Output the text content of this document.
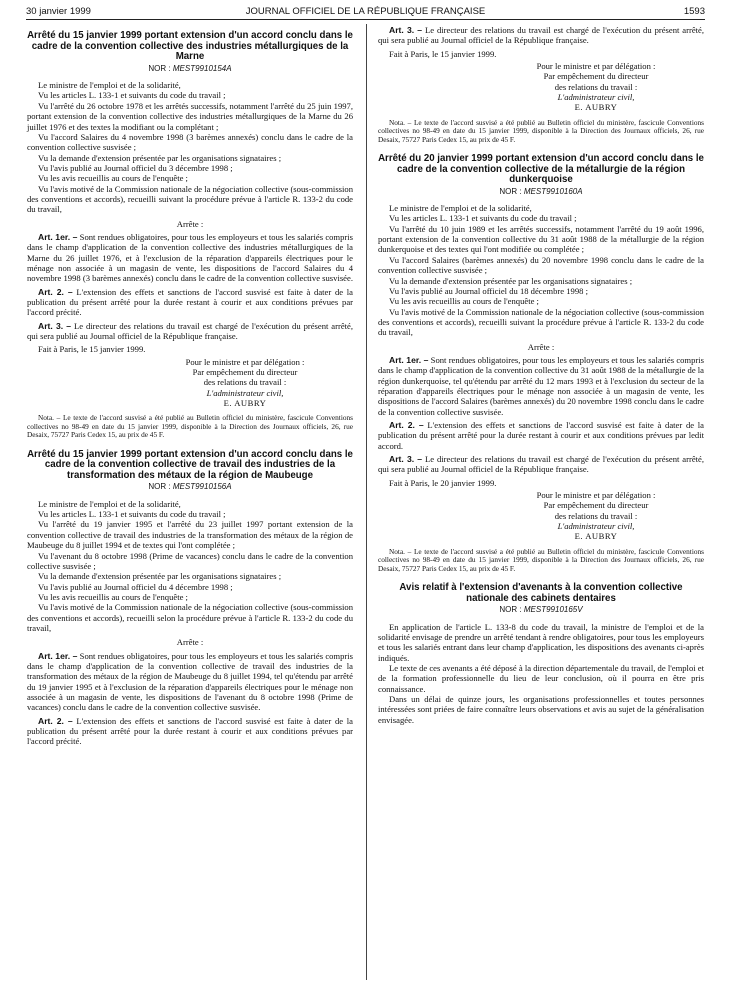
30 janvier 1999	JOURNAL OFFICIEL DE LA RÉPUBLIQUE FRANÇAISE	1593
Arrêté du 15 janvier 1999 portant extension d'un accord conclu dans le cadre de la convention collective des industries métallurgiques de la Marne
NOR : MESТ9910154A

Le ministre de l'emploi et de la solidarité,

Vu les articles L. 133-1 et suivants du code du travail ;

Vu l'arrêté du 26 octobre 1978 et les arrêtés successifs, notamment l'arrêté du 25 juin 1997, portant extension de la convention collective des industries métallurgiques de la Marne du 26 juillet 1976 et des textes la modifiant ou la complétant ;

Vu l'accord Salaires du 4 novembre 1998 (3 barèmes annexés) conclu dans le cadre de la convention collective susvisée ;

Vu la demande d'extension présentée par les organisations signataires ;

Vu l'avis publié au Journal officiel du 3 décembre 1998 ;

Vu les avis recueillis au cours de l'enquête ;

Vu l'avis motivé de la Commission nationale de la négociation collective (sous-commission des conventions et accords), recueilli suivant la procédure prévue à l'article R. 133-2 du code du travail,

Arrête :

Art. 1er. – Sont rendues obligatoires, pour tous les employeurs et tous les salariés compris dans le champ d'application de la convention collective des industries métallurgiques de la Marne du 26 juillet 1976, et à l'exclusion de la réparation d'appareils électriques pour le ménage non associée à un magasin de vente, les dispositions de l'accord Salaires du 4 novembre 1998 (3 barèmes annexés) conclu dans le cadre de la convention collective susvisée.

Art. 2. – L'extension des effets et sanctions de l'accord susvisé est faite à dater de la publication du présent arrêté pour la durée restant à courir et aux conditions prévues par l'accord précité.

Art. 3. – Le directeur des relations du travail est chargé de l'exécution du présent arrêté, qui sera publié au Journal officiel de la République française.

Fait à Paris, le 15 janvier 1999.

Pour le ministre et par délégation :
Par empêchement du directeur
des relations du travail :
L'administrateur civil,
E. AUBRY
Nota. – Le texte de l'accord susvisé a été publié au Bulletin officiel du ministère, fascicule Conventions collectives no 98-49 en date du 15 janvier 1999, disponible à la Direction des Journaux officiels, 26, rue Desaix, 75727 Paris Cedex 15, au prix de 45 F.
Arrêté du 15 janvier 1999 portant extension d'un accord conclu dans le cadre de la convention collective de travail des industries de la transformation des métaux de la région de Maubeuge
NOR : MEST9910156A

Le ministre de l'emploi et de la solidarité,

Vu les articles L. 133-1 et suivants du code du travail ;

Vu l'arrêté du 19 janvier 1995 et l'arrêté du 23 juillet 1997 portant extension de la convention collective de travail des industries de la transformation des métaux de la région de Maubeuge du 8 juillet 1994 et de textes qui l'ont complétée ;

Vu l'avenant du 8 octobre 1998 (Prime de vacances) conclu dans le cadre de la convention collective susvisée ;

Vu la demande d'extension présentée par les organisations signataires ;

Vu l'avis publié au Journal officiel du 4 décembre 1998 ;

Vu les avis recueillis au cours de l'enquête ;

Vu l'avis motivé de la Commission nationale de la négociation collective (sous-commission des conventions et accords), recueilli selon la procédure prévue à l'article R. 133-2 du code du travail,

Arrête :

Art. 1er. – Sont rendues obligatoires, pour tous les employeurs et tous les salariés compris dans le champ d'application de la convention collective de travail des industries de la transformation des métaux de la région de Maubeuge du 8 juillet 1994, tel qu'étendu par arrêté du 19 janvier 1995 et à l'exclusion de la réparation d'appareils électriques pour le ménage non associée à un magasin de vente, les dispositions de l'avenant du 8 octobre 1998 (Prime de vacances) conclu dans le cadre de la convention collective susvisée.

Art. 2. – L'extension des effets et sanctions de l'accord susvisé est faite à dater de la publication du présent arrêté pour la durée restant à courir et aux conditions prévues par l'accord précité.

Art. 3. – Le directeur des relations du travail est chargé de l'exécution du présent arrêté, qui sera publié au Journal officiel de la République française.

Fait à Paris, le 15 janvier 1999.

Pour le ministre et par délégation :
Par empêchement du directeur
des relations du travail :
L'administrateur civil,
E. AUBRY
Nota. – Le texte de l'accord susvisé a été publié au Bulletin officiel du ministère, fascicule Conventions collectives no 98-49 en date du 15 janvier 1999, disponible à la Direction des Journaux officiels, 26, rue Desaix, 75727 Paris Cedex 15, au prix de 45 F.
Arrêté du 20 janvier 1999 portant extension d'un accord conclu dans le cadre de la convention collective de la métallurgie de la région dunkerquoise
NOR : MEST9910160A

Le ministre de l'emploi et de la solidarité,

Vu les articles L. 133-1 et suivants du code du travail ;

Vu l'arrêté du 10 juin 1989 et les arrêtés successifs, notamment l'arrêté du 19 août 1996, portant extension de la convention collective du 31 août 1988 de la métallurgie de la région dunkerquoise et des textes qui l'ont modifiée ou complétée ;

Vu l'accord Salaires (barèmes annexés) du 20 novembre 1998 conclu dans le cadre de la convention collective susvisée ;

Vu la demande d'extension présentée par les organisations signataires ;

Vu l'avis publié au Journal officiel du 18 décembre 1998 ;

Vu les avis recueillis au cours de l'enquête ;

Vu l'avis motivé de la Commission nationale de la négociation collective (sous-commission des conventions et accords), recueilli suivant la procédure prévue à l'article R. 133-2 du code du travail,

Arrête :

Art. 1er. – Sont rendues obligatoires, pour tous les employeurs et tous les salariés compris dans le champ d'application de la convention collective du 31 août 1988 de la métallurgie de la région dunkerquoise, tel qu'étendu par arrêté du 12 mars 1993 et à l'exclusion du secteur de la réparation d'appareils électriques pour le ménage non associée à un magasin de vente, les dispositions de l'accord Salaires (barèmes annexés) du 20 novembre 1998 conclu dans le cadre de la convention collective susvisée.

Art. 2. – L'extension des effets et sanctions de l'accord susvisé est faite à dater de la publication du présent arrêté pour la durée restant à courir et aux conditions prévues par ledit accord.

Art. 3. – Le directeur des relations du travail est chargé de l'exécution du présent arrêté, qui sera publié au Journal officiel de la République française.

Fait à Paris, le 20 janvier 1999.

Pour le ministre et par délégation :
Par empêchement du directeur
des relations du travail :
L'administrateur civil,
E. AUBRY
Nota. – Le texte de l'accord susvisé a été publié au Bulletin officiel du ministère, fascicule Conventions collectives no 98-49 en date du 15 janvier 1999, disponible à la Direction des Journaux officiels, 26, rue Desaix, 75727 Paris Cedex 15, au prix de 45 F.
Avis relatif à l'extension d'avenants à la convention collective nationale des cabinets dentaires
NOR : MEST9910165V

En application de l'article L. 133-8 du code du travail, la ministre de l'emploi et de la solidarité envisage de prendre un arrêté tendant à rendre obligatoires, pour tous les employeurs et tous les salariés entrant dans leur champ d'application, les dispositions des avenants ci-après indiqués.

Le texte de ces avenants a été déposé à la direction départementale du travail, de l'emploi et de la formation professionnelle du lieu de leur conclusion, où il pourra en être pris connaissance.

Dans un délai de quinze jours, les organisations professionnelles et toutes personnes intéressées sont priées de faire connaître leurs observations et avis au sujet de la généralisation envisagée.
